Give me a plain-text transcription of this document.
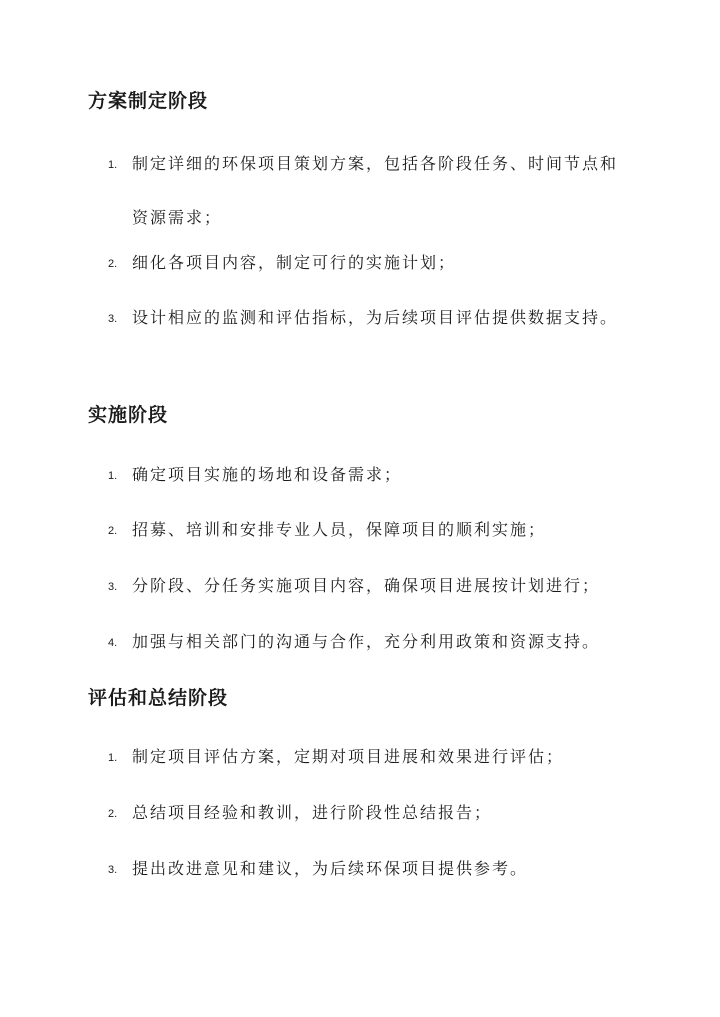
方案制定阶段
1. 制定详细的环保项目策划方案，包括各阶段任务、时间节点和资源需求；
2. 细化各项目内容，制定可行的实施计划；
3. 设计相应的监测和评估指标，为后续项目评估提供数据支持。
实施阶段
1. 确定项目实施的场地和设备需求；
2. 招募、培训和安排专业人员，保障项目的顺利实施；
3. 分阶段、分任务实施项目内容，确保项目进展按计划进行；
4. 加强与相关部门的沟通与合作，充分利用政策和资源支持。
评估和总结阶段
1. 制定项目评估方案，定期对项目进展和效果进行评估；
2. 总结项目经验和教训，进行阶段性总结报告；
3. 提出改进意见和建议，为后续环保项目提供参考。
